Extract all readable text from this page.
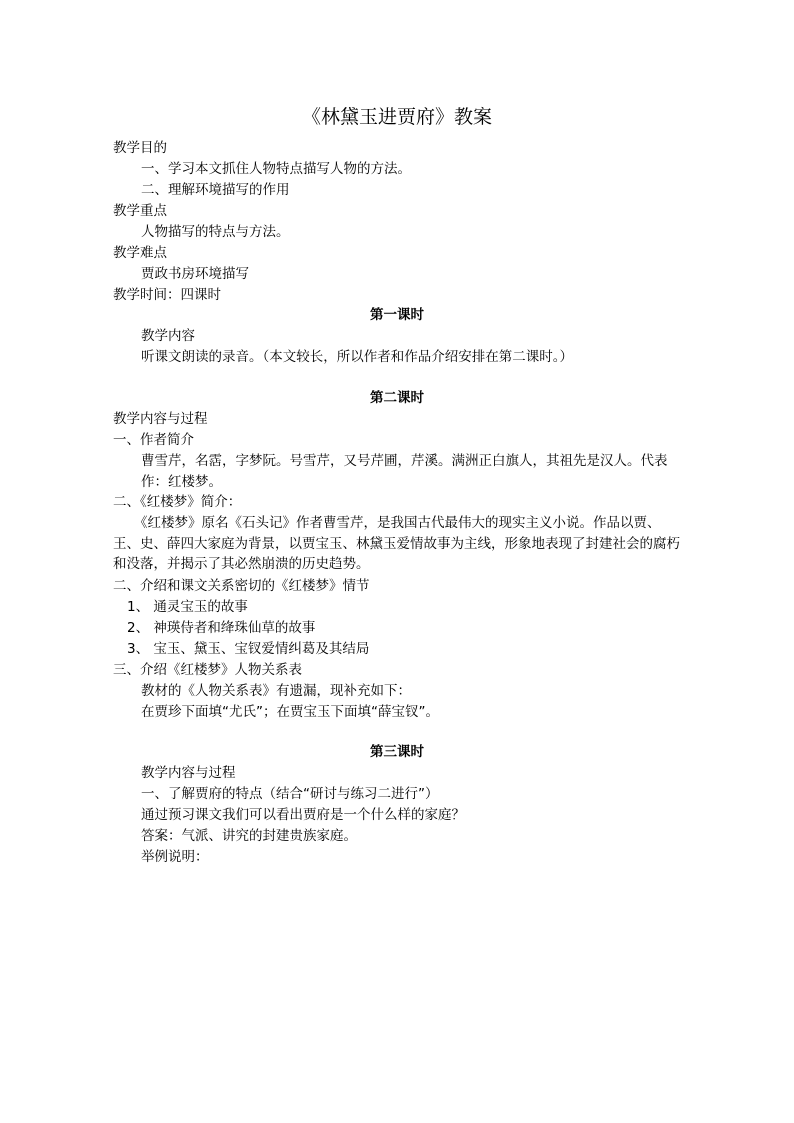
《林黛玉进贾府》教案
教学目的
一、学习本文抓住人物特点描写人物的方法。
二、理解环境描写的作用
教学重点
人物描写的特点与方法。
教学难点
贾政书房环境描写
教学时间：四课时
第一课时
教学内容
听课文朗读的录音。（本文较长，所以作者和作品介绍安排在第二课时。）
第二课时
教学内容与过程
一、作者简介
曹雪芹，名霑，字梦阮。号雪芹，又号芹圃，芹溪。满洲正白旗人，其祖先是汉人。代表作：红楼梦。
二、《红楼梦》简介：
《红楼梦》原名《石头记》作者曹雪芹，是我国古代最伟大的现实主义小说。作品以贾、王、史、薛四大家庭为背景，以贾宝玉、林黛玉爱情故事为主线，形象地表现了封建社会的腐朽和没落，并揭示了其必然崩溃的历史趋势。
二、介绍和课文关系密切的《红楼梦》情节
1、 通灵宝玉的故事
2、 神瑛侍者和绛珠仙草的故事
3、 宝玉、黛玉、宝钗爱情纠葛及其结局
三、介绍《红楼梦》人物关系表
教材的《人物关系表》有遗漏，现补充如下：
在贾珍下面填“尤氏”；在贾宝玉下面填“薛宝钗”。
第三课时
教学内容与过程
一、了解贾府的特点（结合“研讨与练习二进行”）
通过预习课文我们可以看出贾府是一个什么样的家庭？
答案：气派、讲究的封建贵族家庭。
举例说明：
